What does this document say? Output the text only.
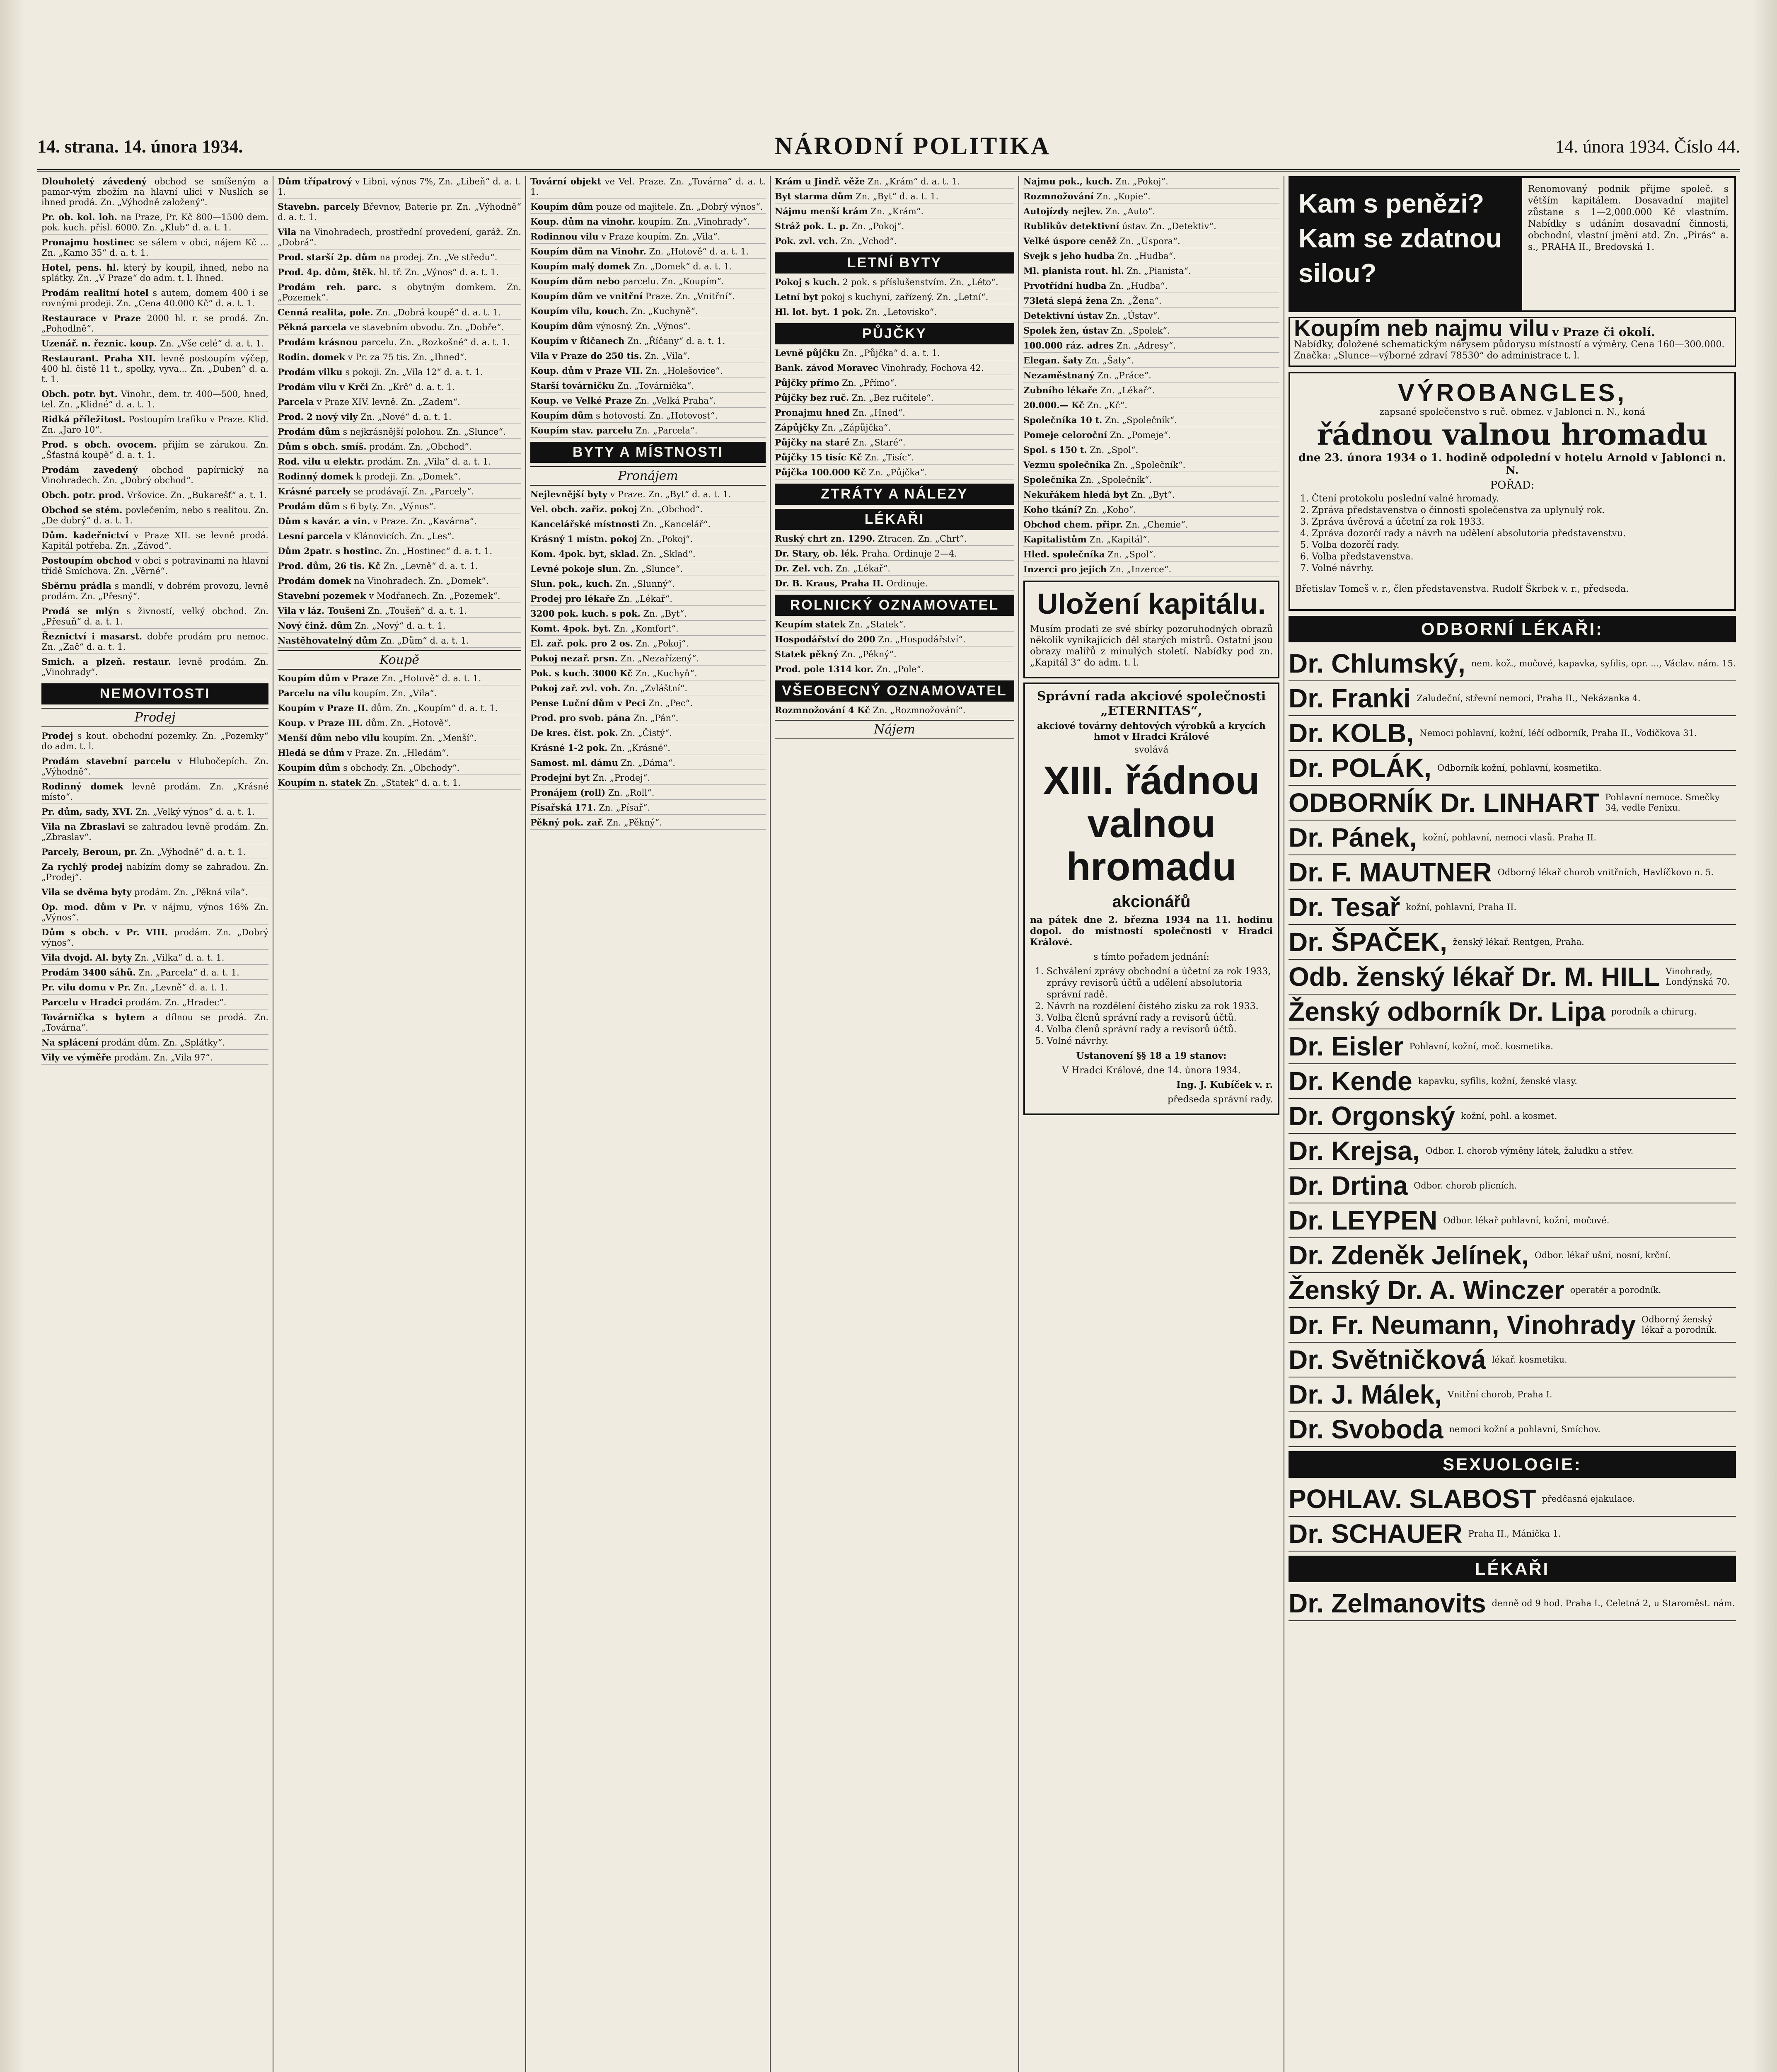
14. strana. 14. února 1934.	NÁRODNÍ POLITIKA	14. února 1934. Číslo 44.
Dlouholetý závedený obchod se smíšeným a pamar-vým zbožím na hlavní ulici v Nuslích se ihned prodá. Zn. „Výhodně založený“.
Pr. ob. kol. loh. na Praze, Pr. Kč 800—1500 dem. pok. kuch. přísl. 6000. Zn. „Klub“ d. a. t. 1.
Pronajmu hostinec se sálem v obci, nájem Kč ... Zn. „Kamo 35“ d. a. t. 1.
Hotel, pens. hl. který by koupil, ihned, nebo na splátky. Zn. „V Praze“ do adm. t. l. Ihned.
Prodám realitní hotel s autem, domem 400 i se rovnými prodeji. Zn. „Cena 40.000 Kč“ d. a. t. 1.
Restaurace v Praze 2000 hl. r. se prodá. Zn. „Pohodlně“.
Uzenář. n. řeznic. koup. Zn. „Vše celé“ d. a. t. 1.
Restaurant. Praha XII. levně postoupím výčep, 400 hl. čistě 11 t., spolky, vyva... Zn. „Duben“ d. a. t. 1.
Obch. potr. byt. Vinohr., dem. tr. 400—500, hned, tel. Zn. „Klidné“ d. a. t. 1.
Ridká příležitost. Postoupím trafiku v Praze. Klid. Zn. „Jaro 10“.
Prod. s obch. ovocem. přijím se zárukou. Zn. „Šťastná koupě“ d. a. t. 1.
Prodám zavedený obchod papírnický na Vinohradech. Zn. „Dobrý obchod“.
Obch. potr. prod. Vršovice. Zn. „Bukarešť“ a. t. 1.
Obchod se stém. povlečením, nebo s realitou. Zn. „De dobrý“ d. a. t. 1.
Dům. kadeřnictví v Praze XII. se levně prodá. Kapitál potřeba. Zn. „Závod“.
Postoupím obchod v obci s potravinami na hlavní třídě Smíchova. Zn. „Věrné“.
Sběrnu prádla s mandlí, v dobrém provozu, levně prodám. Zn. „Přesný“.
Prodá se mlýn s živností, velký obchod. Zn. „Přesuň“ d. a. t. 1.
Řeznictví i masarst. dobře prodám pro nemoc. Zn. „Zač“ d. a. t. 1.
Smich. a plzeň. restaur. levně prodám. Zn. „Vinohrady“.
NEMOVITOSTI
Prodej
Prodej s kout. obchodní pozemky. Zn. „Pozemky“ do adm. t. l.
Prodám stavební parcelu v Hlubočepích. Zn. „Výhodně“.
Rodinný domek levně prodám. Zn. „Krásné místo“.
Pr. dům, sady, XVI. Zn. „Velký výnos“ d. a. t. 1.
Vila na Zbraslavi se zahradou levně prodám. Zn. „Zbraslav“.
Parcely, Beroun, pr. Zn. „Výhodně“ d. a. t. 1.
Za rychlý prodej nabízím domy se zahradou. Zn. „Prodej“.
Vila se dvěma byty prodám. Zn. „Pěkná vila“.
Op. mod. dům v Pr. v nájmu, výnos 16% Zn. „Výnos“.
Dům s obch. v Pr. VIII. prodám. Zn. „Dobrý výnos“.
Vila dvojd. Al. byty Zn. „Vilka“ d. a. t. 1.
Prodám 3400 sáhů. Zn. „Parcela“ d. a. t. 1.
Pr. vilu domu v Pr. Zn. „Levně“ d. a. t. 1.
Parcelu v Hradci prodám. Zn. „Hradec“.
Továrnička s bytem a dílnou se prodá. Zn. „Továrna“.
Na splácení prodám dům. Zn. „Splátky“.
Vily ve výměře prodám. Zn. „Vila 97“.
Dům třípatrový v Libni, výnos 7%, Zn. „Libeň“ d. a. t. 1.
Stavebn. parcely Břevnov, Baterie pr. Zn. „Výhodně“ d. a. t. 1.
Vila na Vinohradech, prostřední provedení, garáž. Zn. „Dobrá“.
Prod. starší 2p. dům na prodej. Zn. „Ve středu“.
Prod. 4p. dům, štěk. hl. tř. Zn. „Výnos“ d. a. t. 1.
Prodám reh. parc. s obytným domkem. Zn. „Pozemek“.
Cenná realita, pole. Zn. „Dobrá koupě“ d. a. t. 1.
Pěkná parcela ve stavebním obvodu. Zn. „Dobře“.
Prodám krásnou parcelu. Zn. „Rozkošné“ d. a. t. 1.
Rodin. domek v Pr. za 75 tis. Zn. „Ihned“.
Prodám vilku s pokoji. Zn. „Vila 12“ d. a. t. 1.
Prodám vilu v Krči Zn. „Krč“ d. a. t. 1.
Parcela v Praze XIV. levně. Zn. „Zadem“.
Prod. 2 nový vily Zn. „Nové“ d. a. t. 1.
Prodám dům s nejkrásnější polohou. Zn. „Slunce“.
Dům s obch. smíš. prodám. Zn. „Obchod“.
Rod. vilu u elektr. prodám. Zn. „Vila“ d. a. t. 1.
Rodinný domek k prodeji. Zn. „Domek“.
Krásné parcely se prodávají. Zn. „Parcely“.
Prodám dům s 6 byty. Zn. „Výnos“.
Dům s kavár. a vin. v Praze. Zn. „Kavárna“.
Lesní parcela v Klánovicích. Zn. „Les“.
Dům 2patr. s hostinc. Zn. „Hostinec“ d. a. t. 1.
Prod. dům, 26 tis. Kč Zn. „Levně“ d. a. t. 1.
Prodám domek na Vinohradech. Zn. „Domek“.
Stavební pozemek v Modřanech. Zn. „Pozemek“.
Vila v láz. Toušeni Zn. „Toušeň“ d. a. t. 1.
Nový činž. dům Zn. „Nový“ d. a. t. 1.
Nastěhovatelný dům Zn. „Dům“ d. a. t. 1.
Koupě
Koupím dům v Praze Zn. „Hotově“ d. a. t. 1.
Parcelu na vilu koupím. Zn. „Vila“.
Koupím v Praze II. dům. Zn. „Koupím“ d. a. t. 1.
Koup. v Praze III. dům. Zn. „Hotově“.
Menší dům nebo vilu koupím. Zn. „Menší“.
Hledá se dům v Praze. Zn. „Hledám“.
Koupím dům s obchody. Zn. „Obchody“.
Koupím n. statek Zn. „Statek“ d. a. t. 1.
Tovární objekt ve Vel. Praze. Zn. „Továrna“ d. a. t. 1.
Koupím dům pouze od majitele. Zn. „Dobrý výnos“.
Koup. dům na vinohr. koupím. Zn. „Vinohrady“.
Rodinnou vilu v Praze koupím. Zn. „Vila“.
Koupím dům na Vinohr. Zn. „Hotově“ d. a. t. 1.
Koupím malý domek Zn. „Domek“ d. a. t. 1.
Koupím dům nebo parcelu. Zn. „Koupím“.
Koupím dům ve vnitřní Praze. Zn. „Vnitřní“.
Koupím vilu, kouch. Zn. „Kuchyně“.
Koupím dům výnosný. Zn. „Výnos“.
Koupím v Řičanech Zn. „Říčany“ d. a. t. 1.
Vila v Praze do 250 tis. Zn. „Vila“.
Koup. dům v Praze VII. Zn. „Holešovice“.
Starší továrničku Zn. „Továrnička“.
Koup. ve Velké Praze Zn. „Velká Praha“.
Koupím dům s hotovostí. Zn. „Hotovost“.
Koupím stav. parcelu Zn. „Parcela“.
BYTY A MÍSTNOSTI
Pronájem
Nejlevnější byty v Praze. Zn. „Byt“ d. a. t. 1.
Vel. obch. zařiz. pokoj Zn. „Obchod“.
Kancelářské místnosti Zn. „Kancelář“.
Krásný 1 místn. pokoj Zn. „Pokoj“.
Kom. 4pok. byt, sklad. Zn. „Sklad“.
Levné pokoje slun. Zn. „Slunce“.
Slun. pok., kuch. Zn. „Slunný“.
Prodej pro lékaře Zn. „Lékař“.
3200 pok. kuch. s pok. Zn. „Byt“.
Komt. 4pok. byt. Zn. „Komfort“.
El. zař. pok. pro 2 os. Zn. „Pokoj“.
Pokoj nezař. prsn. Zn. „Nezařízený“.
Pok. s kuch. 3000 Kč Zn. „Kuchyň“.
Pokoj zař. zvl. voh. Zn. „Zvláštní“.
Pense Luční dům v Peci Zn. „Pec“.
Prod. pro svob. pána Zn. „Pán“.
De kres. čist. pok. Zn. „Čistý“.
Krásné 1-2 pok. Zn. „Krásné“.
Samost. ml. dámu Zn. „Dáma“.
Prodejní byt Zn. „Prodej“.
Pronájem (roll) Zn. „Roll“.
Písařská 171. Zn. „Písař“.
Pěkný pok. zař. Zn. „Pěkný“.
Krám u Jindř. věže Zn. „Krám“ d. a. t. 1.
Byt starma dům Zn. „Byt“ d. a. t. 1.
Nájmu menší krám Zn. „Krám“.
Stráž pok. L. p. Zn. „Pokoj“.
Pok. zvl. vch. Zn. „Vchod“.
LETNÍ BYTY
Pokoj s kuch. 2 pok. s příslušenstvím. Zn. „Léto“.
Letní byt pokoj s kuchyní, zařízený. Zn. „Letní“.
Hl. lot. byt. 1 pok. Zn. „Letovisko“.
PŮJČKY
Levně půjčku Zn. „Půjčka“ d. a. t. 1.
Bank. závod Moravec Vinohrady, Fochova 42.
Půjčky přímo Zn. „Přímo“.
Půjčky bez ruč. Zn. „Bez ručitele“.
Pronajmu hned Zn. „Hned“.
Zápůjčky Zn. „Zápůjčka“.
Půjčky na staré Zn. „Staré“.
Půjčky 15 tisíc Kč Zn. „Tisíc“.
Půjčka 100.000 Kč Zn. „Půjčka“.
ZTRÁTY A NÁLEZY
LÉKAŘI
Ruský chrt zn. 1290. Ztracen. Zn. „Chrt“.
Dr. Stary, ob. lék. Praha. Ordinuje 2—4.
Dr. Zel. vch. Zn. „Lékař“.
Dr. B. Kraus, Praha II. Ordinuje.
ROLNICKÝ OZNAMOVATEL
Keupím statek Zn. „Statek“.
Hospodářství do 200 Zn. „Hospodářství“.
Statek pěkný Zn. „Pěkný“.
Prod. pole 1314 kor. Zn. „Pole“.
VŠEOBECNÝ OZNAMOVATEL
Rozmnožování 4 Kč Zn. „Rozmnožování“.
Nájem
Najmu pok., kuch. Zn. „Pokoj“.
Rozmnožování Zn. „Kopie“.
Autojízdy nejlev. Zn. „Auto“.
Rublikův detektivní ústav. Zn. „Detektiv“.
Velké úspore ceněž Zn. „Úspora“.
Svejk s jeho hudba Zn. „Hudba“.
Ml. pianista rout. hl. Zn. „Pianista“.
Prvotřídní hudba Zn. „Hudba“.
73letá slepá žena Zn. „Žena“.
Detektivní ústav Zn. „Ústav“.
Spolek žen, ústav Zn. „Spolek“.
100.000 ráz. adres Zn. „Adresy“.
Elegan. šaty Zn. „Šaty“.
Nezaměstnaný Zn. „Práce“.
Zubního lékaře Zn. „Lékař“.
20.000.— Kč Zn. „Kč“.
Společníka 10 t. Zn. „Společník“.
Pomeje celoroční Zn. „Pomeje“.
Spol. s 150 t. Zn. „Spol“.
Vezmu společníka Zn. „Společník“.
Společníka Zn. „Společník“.
Nekuřákem hledá byt Zn. „Byt“.
Koho tkání? Zn. „Koho“.
Obchod chem. připr. Zn. „Chemie“.
Kapitalistům Zn. „Kapitál“.
Hled. společníka Zn. „Spol“.
Inzerci pro jejich Zn. „Inzerce“.
Uložení kapitálu.

Musím prodati ze své sbírky pozoruhodných obrazů několik vynikajících děl starých mistrů. Ostatní jsou obrazy malířů z minulých století. Nabídky pod zn. „Kapitál 3“ do adm. t. l.

Správní rada akciové společnosti „ETERNITAS“,
akciové továrny dehtových výrobků a krycích hmot v Hradci Králové
svolává
XIII. řádnou valnou hromadu
akcionářů

na pátek dne 2. března 1934 na 11. hodinu dopol. do místností společnosti v Hradci Králové.

s tímto pořadem jednání:

1. Schválení zprávy obchodní a účetní za rok 1933, zprávy revisorů účtů a udělení absolutoria správní radě.
2. Návrh na rozdělení čistého zisku za rok 1933.
3. Volba členů správní rady a revisorů účtů.
4. Volba členů správní rady a revisorů účtů.
5. Volné návrhy.

Ustanovení §§ 18 a 19 stanov:

V Hradci Králové, dne 14. února 1934.

Ing. J. Kubíček v. r.

předseda správní rady.

Kam s penězi? Kam se zdatnou silou?
Renomovaný podnik přijme společ. s větším kapitálem. Dosavadní majitel zůstane s 1—2,000.000 Kč vlastním. Nabídky s udáním dosavadní činnosti, obchodní, vlastní jmění atd. Zn. „Pirás“ a. s., PRAHA II., Bredovská 1.
Koupím neb najmu vilu v Praze či okolí.
Nabídky, doložené schematickým nárysem půdorysu místností a výměry. Cena 160—300.000. Značka: „Slunce—výborné zdraví 78530“ do administrace t. l.
VÝROBANGLES,
zapsané společenstvo s ruč. obmez. v Jablonci n. N., koná
řádnou valnou hromadu
dne 23. února 1934 o 1. hodině odpolední v hotelu Arnold v Jablonci n. N.
POŘAD:
1. Čtení protokolu poslední valné hromady.
2. Zpráva představenstva o činnosti společenstva za uplynulý rok.
3. Zpráva úvěrová a účetní za rok 1933.
4. Zpráva dozorčí rady a návrh na udělení absolutoria představenstvu.
5. Volba dozorčí rady.
6. Volba představenstva.
7. Volné návrhy.

Břetislav Tomeš v. r., člen představenstva. Rudolf Škrbek v. r., předseda.

ODBORNÍ LÉKAŘI:
Dr. Chlumský, nem. kož., močové, kapavka, syfilis, opr. ..., Václav. nám. 15.
Dr. Franki Zaludeční, střevní nemoci, Praha II., Nekázanka 4.
Dr. KOLB, Nemoci pohlavní, kožní, léčí odborník, Praha II., Vodičkova 31.
Dr. POLÁK, Odborník kožní, pohlavní, kosmetika.
ODBORNÍK Dr. LINHART Pohlavní nemoce. Smečky 34, vedle Fenixu.
Dr. Pánek, kožní, pohlavní, nemoci vlasů. Praha II.
Dr. F. MAUTNER Odborný lékař chorob vnitřních, Havlíčkovo n. 5.
Dr. Tesař kožní, pohlavní, Praha II.
Dr. ŠPAČEK, ženský lékař. Rentgen, Praha.
Odb. ženský lékař Dr. M. HILL Vinohrady, Londýnská 70.
Ženský odborník Dr. Lipa porodník a chirurg.
Dr. Eisler Pohlavní, kožní, moč. kosmetika.
Dr. Kende kapavku, syfilis, kožní, ženské vlasy.
Dr. Orgonský kožní, pohl. a kosmet.
Dr. Krejsa, Odbor. I. chorob výměny látek, žaludku a střev.
Dr. Drtina Odbor. chorob plicních.
Dr. LEYPEN Odbor. lékař pohlavní, kožní, močové.
Dr. Zdeněk Jelínek, Odbor. lékař ušní, nosní, krční.
Ženský Dr. A. Winczer operatér a porodník.
Dr. Fr. Neumann, Vinohrady Odborný ženský lékař a porodník.
Dr. Světničková lékař. kosmetiku.
Dr. J. Málek, Vnitřní chorob, Praha I.
Dr. Svoboda nemoci kožní a pohlavní, Smíchov.
SEXUOLOGIE:
POHLAV. SLABOST předčasná ejakulace.
Dr. SCHAUER Praha II., Mánička 1.
LÉKAŘI
Dr. Zelmanovits denně od 9 hod. Praha I., Celetná 2, u Staroměst. nám.
